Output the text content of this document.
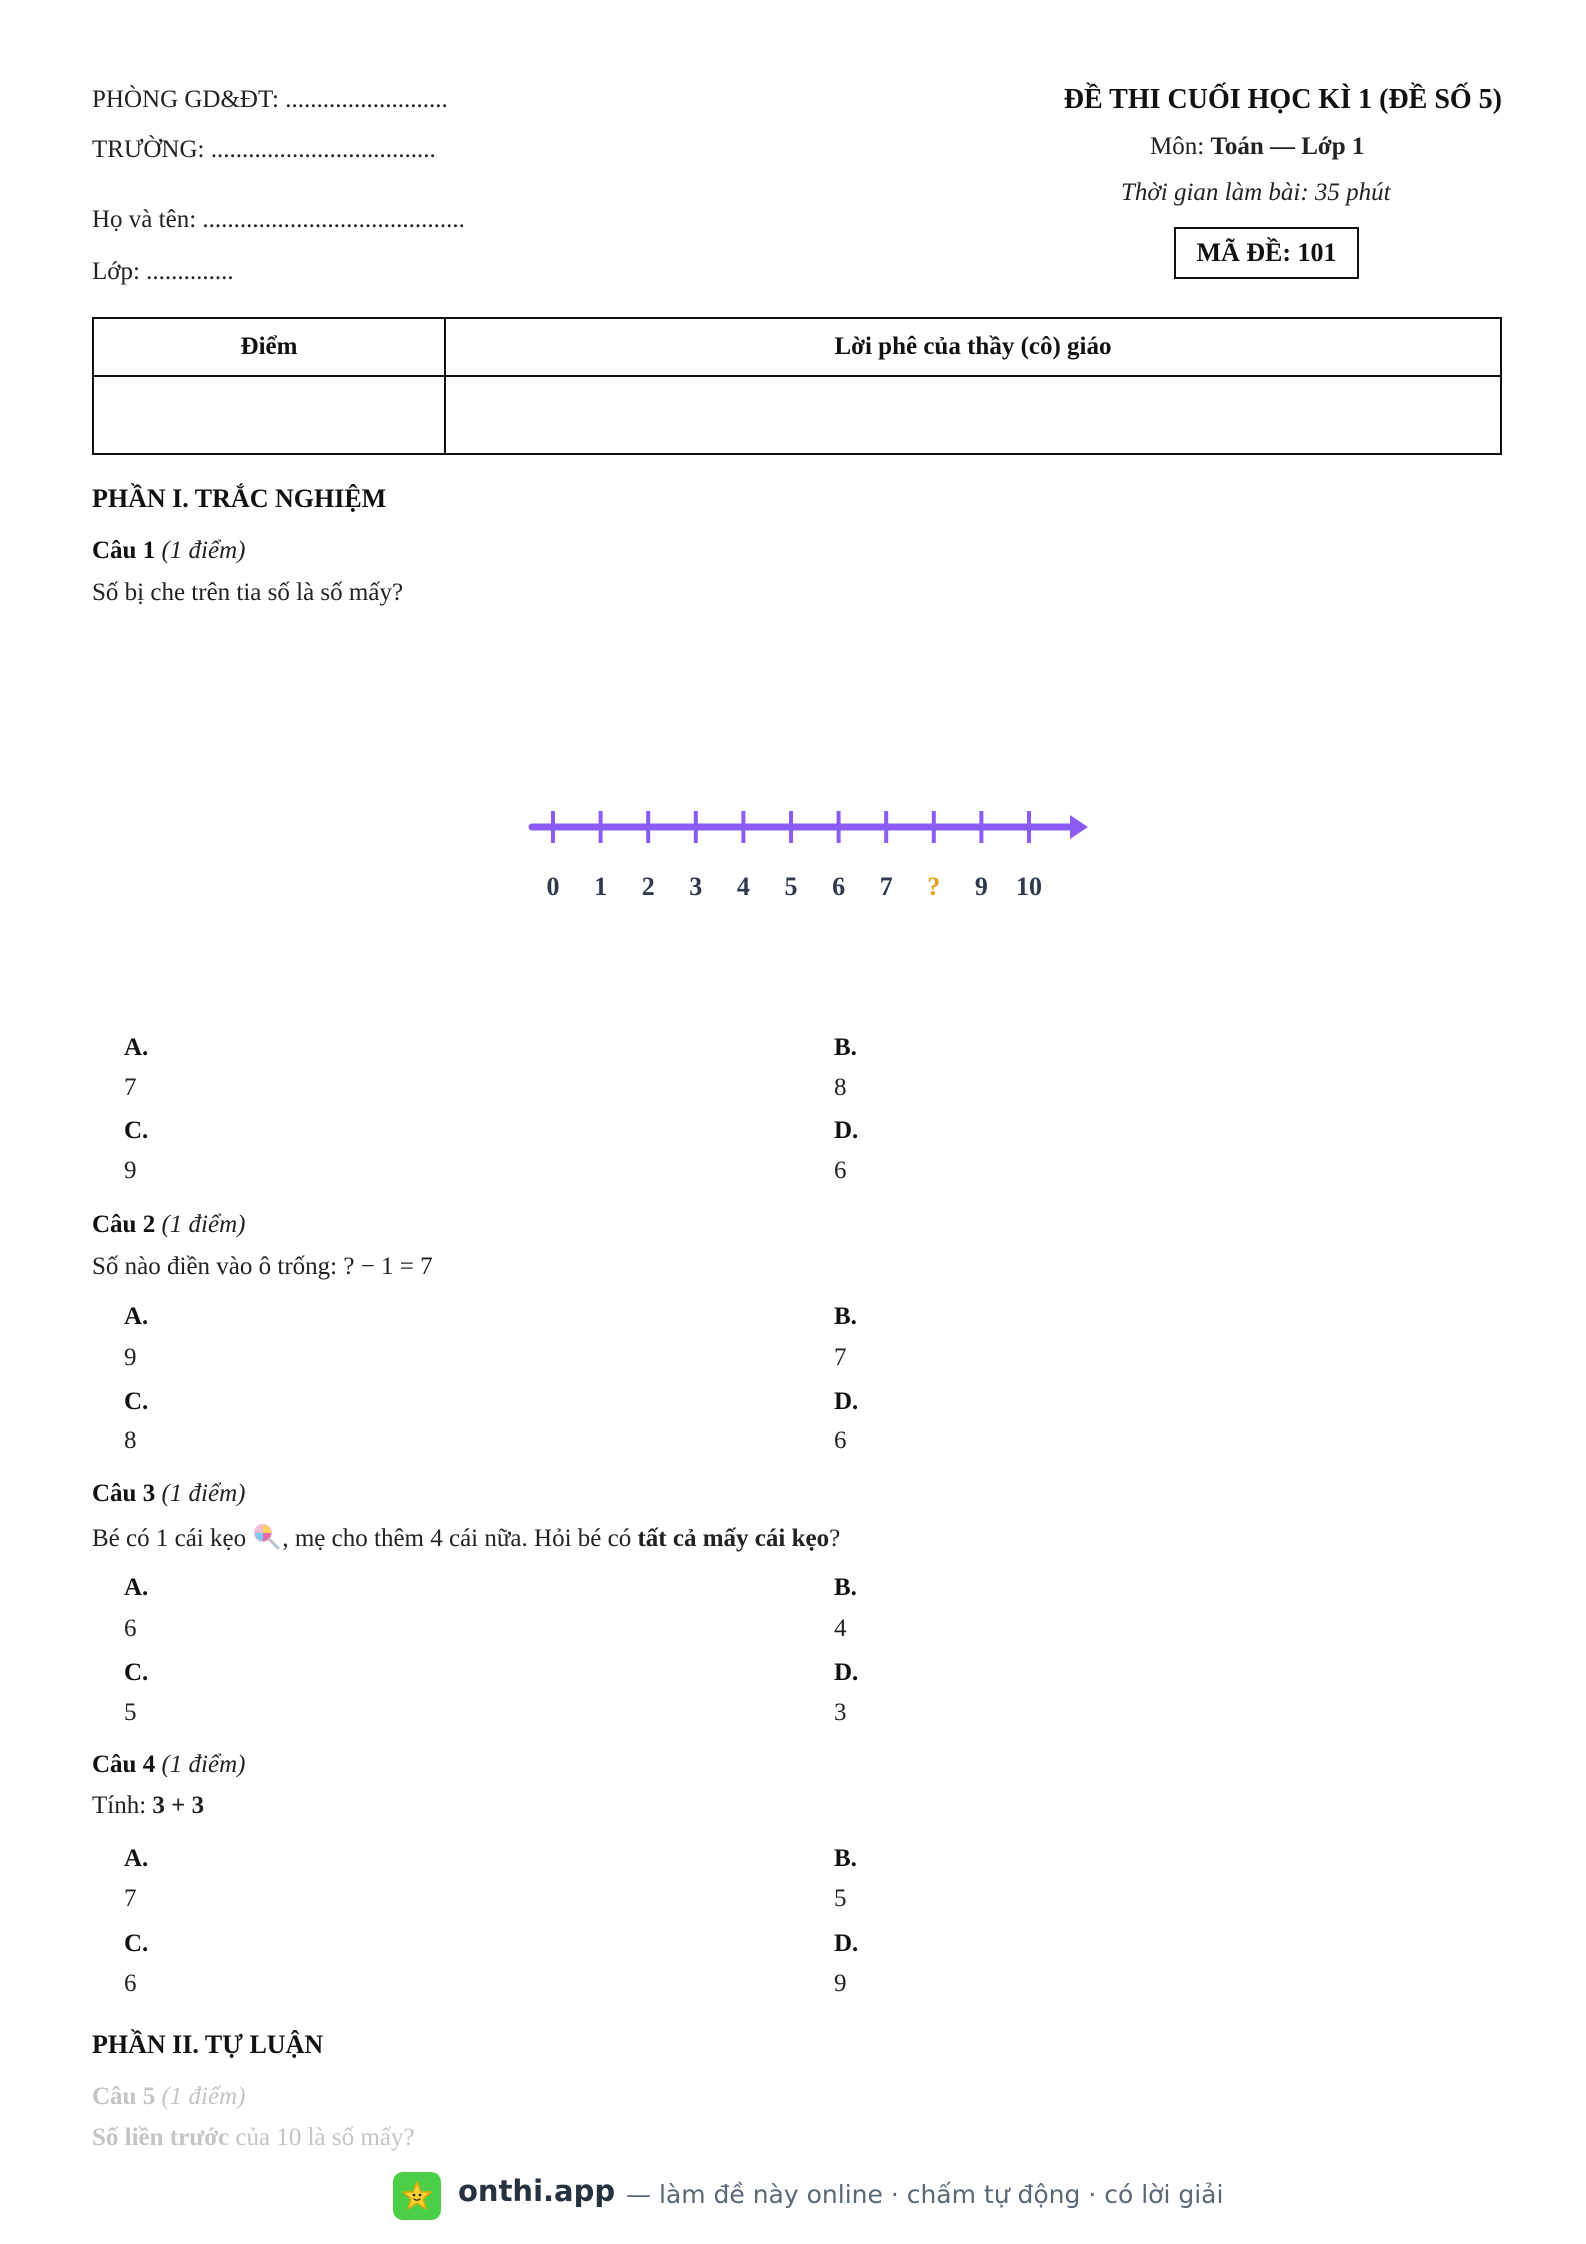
PHÒNG GD&ĐT: ..........................
TRƯỜNG: ....................................
Họ và tên: ..........................................
Lớp: ..............
ĐỀ THI CUỐI HỌC KÌ 1 (ĐỀ SỐ 5)
Môn: Toán — Lớp 1
Thời gian làm bài: 35 phút
MÃ ĐỀ: 101
Điểm	Lời phê của thầy (cô) giáo

PHẦN I. TRẮC NGHIỆM
Câu 1 (1 điểm)
Số bị che trên tia số là số mấy?
0 1 2 3 4 5 6 7 ? 9 10
A.
7
B.
8
C.
9
D.
6
Câu 2 (1 điểm)
Số nào điền vào ô trống: ? − 1 = 7
A.
9
B.
7
C.
8
D.
6
Câu 3 (1 điểm)
Bé có 1 cái kẹo , mẹ cho thêm 4 cái nữa. Hỏi bé có tất cả mấy cái kẹo?
A.
6
B.
4
C.
5
D.
3
Câu 4 (1 điểm)
Tính: 3 + 3
A.
7
B.
5
C.
6
D.
9
PHẦN II. TỰ LUẬN
Câu 5 (1 điểm)
Số liền trước của 10 là số mấy?
onthi.app — làm đề này online · chấm tự động · có lời giải
